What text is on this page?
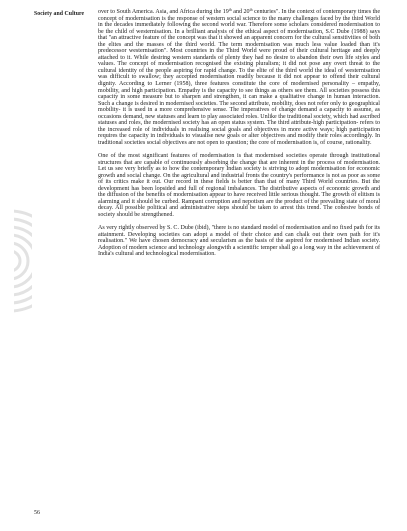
Society and Culture over to South America. Asia, and Africa during the 19th and 20th centuries". In the context of contemporary times the concept of modernisation is the response of western social science to the many challenges faced by the third World in the decades immediately following the second world war. Therefore some scholars considered modernisation to be the child of westernisation. In a brilliant analysis of the ethical aspect of modernisation, S.C Dube (1988) says that "an attractive feature of the concept was that it showed an apparent concern for the cultural sensitivities of both the elites and the masses of the third world. The term modernisation was much less value loaded than it's predecessor westernisation". Most countries in the Third World were proud of their cultural heritage and deeply attached to it. While desiring western standards of plenty they had no desire to abandon their own life styles and values. The concept of modernisation recognised the existing pluralism; it did not pose any overt threat to the cultural identity of the people aspiring for rapid change. To the elite of the third world the ideal of westernisation was difficult to swallow; they accepted modernisation readily because it did not appear to offend their cultural dignity. According to Lerner (1958), three features constitute the core of modernised personality – empathy, mobility, and high participation. Empathy is the capacity to see things as others see them. All societies possess this capacity in some measure but to sharpen and strengthen, it can make a qualitative change in human interaction. Such a change is desired in modernised societies. The second attribute, mobility, does not refer only to geographical mobility- it is used in a more comprehensive sense. The imperatives of change demand a capacity to assume, as occasions demand, new statuses and learn to play associated roles. Unlike the traditional society, which had ascribed statuses and roles, the modernised society has an open status system. The third attribute-high participation- refers to the increased role of individuals in realising social goals and objectives in more active ways; high participation requires the capacity in individuals to visualise new goals or alter objectives and modify their roles accordingly. In traditional societies social objectives are not open to question; the core of modernisation is, of course, rationality.

One of the most significant features of modernisation is that modernised societies operate through institutional structures that are capable of continuously absorbing the change that are inherent in the process of modernisation. Let us see very briefly as to how the contemporary Indian society is striving to adopt modernisation for economic growth and social change. On the agricultural and industrial fronts the country's performance is not as poor as some of its critics make it out. Our record in these fields is better than that of many Third World countries. But the development has been lopsided and full of regional imbalances. The distributive aspects of economic growth and the diffusion of the benefits of modernisation appear to have received little serious thought. The growth of elitism is alarming and it should be curbed. Rampant corruption and nepotism are the product of the prevailing state of moral decay. All possible political and administrative steps should be taken to arrest this trend. The cohesive bonds of society should be strengthened.

As very rightly observed by S. C. Dube (ibid), "there is no standard model of modernisation and no fixed path for its attainment. Developing societies can adopt a model of their choice and can chalk out their own path for it's realisation." We have chosen democracy and secularism as the basis of the aspired for modernised Indian society. Adoption of modern science and technology alongwith a scientific temper shall go a long way in the achievement of India's cultural and technological modernisation.

56
